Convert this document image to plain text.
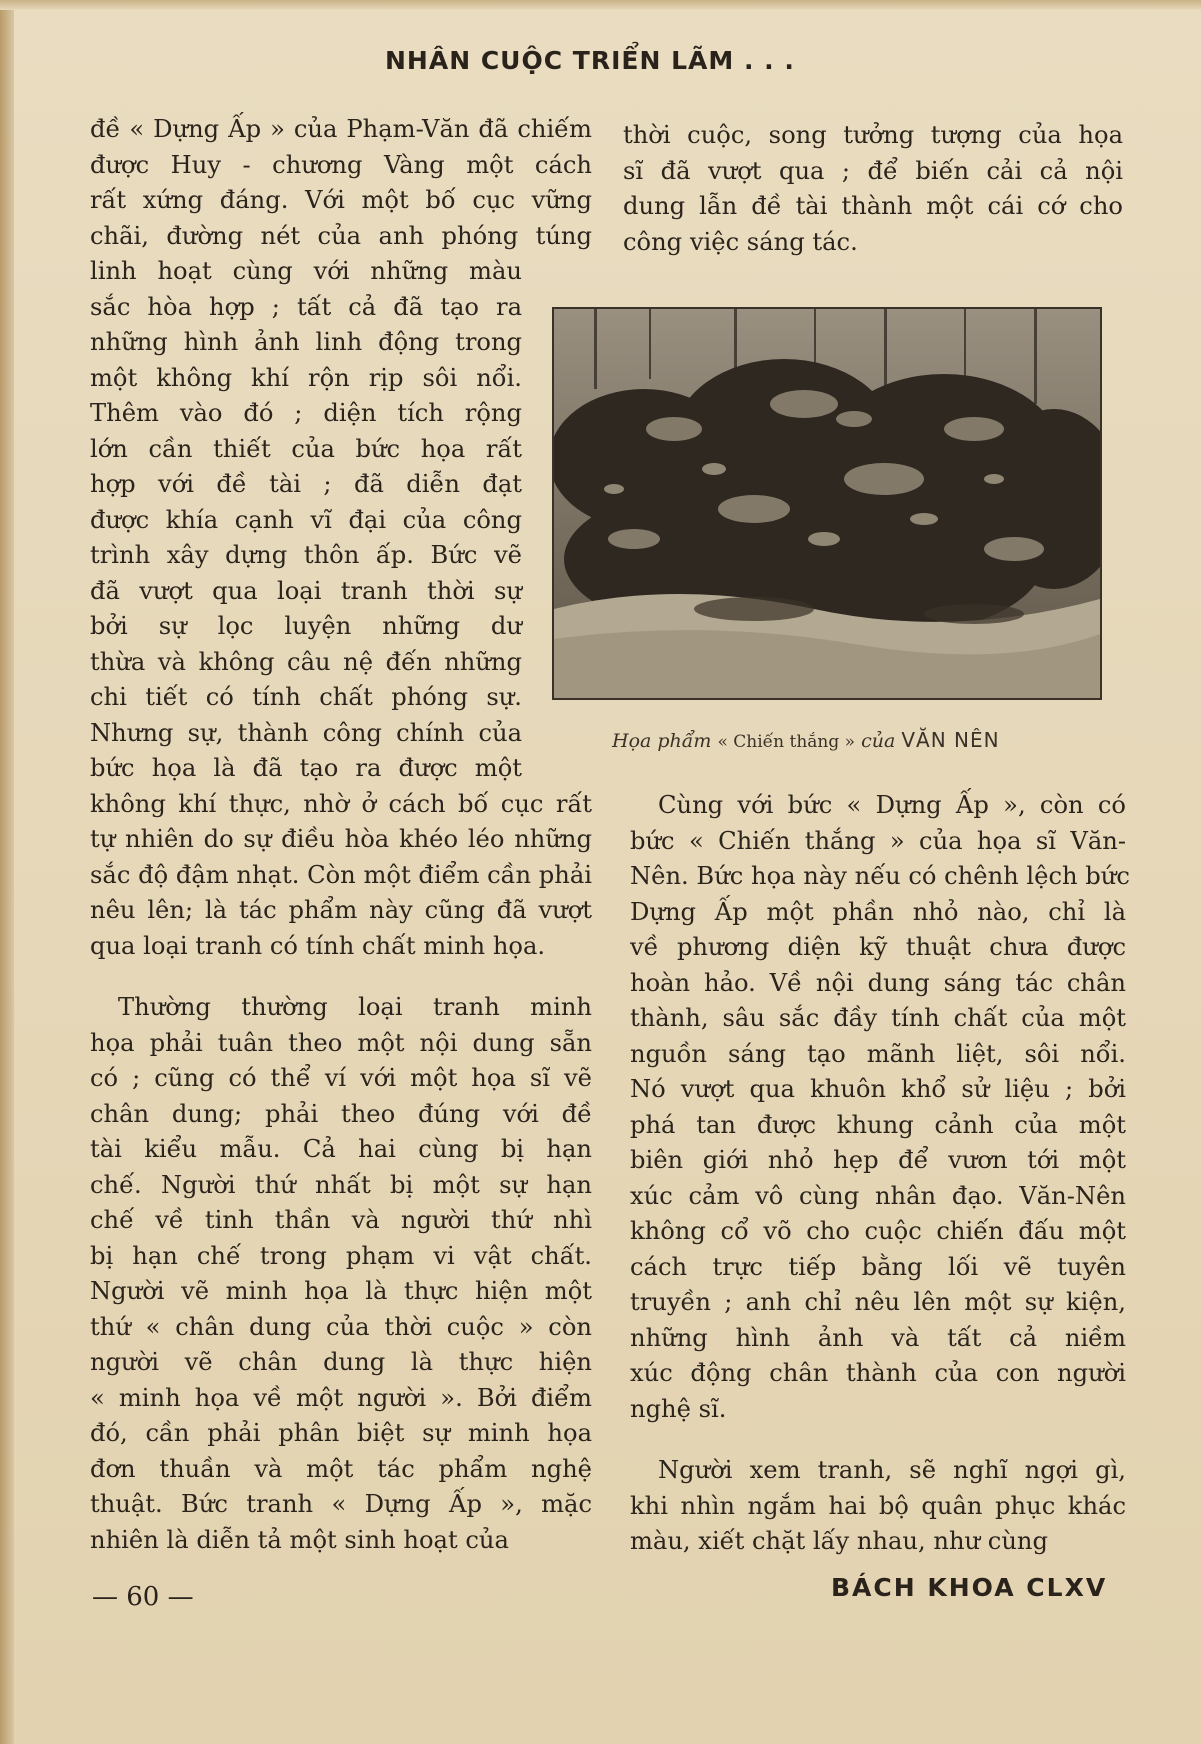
NHÂN CUỘC TRIỂN LÃM . . .

đề « Dựng Ấp » của Phạm-Văn đã chiếm
được Huy - chương Vàng một cách
rất xứng đáng. Với một bố cục vững
chãi, đường nét của anh phóng túng
linh hoạt cùng với những màu
sắc hòa hợp ; tất cả đã tạo ra
những hình ảnh linh động trong
một không khí rộn rịp sôi nổi.
Thêm vào đó ; diện tích rộng
lớn cần thiết của bức họa rất
hợp với đề tài ; đã diễn đạt
được khía cạnh vĩ đại của công
trình xây dựng thôn ấp. Bức vẽ
đã vượt qua loại tranh thời sự
bởi sự lọc luyện những dư
thừa và không câu nệ đến những
chi tiết có tính chất phóng sự.
Nhưng sự, thành công chính của
bức họa là đã tạo ra được một
không khí thực, nhờ ở cách bố cục rất
tự nhiên do sự điều hòa khéo léo những
sắc độ đậm nhạt. Còn một điểm cần phải
nêu lên; là tác phẩm này cũng đã vượt
qua loại tranh có tính chất minh họa.

Thường thường loại tranh minh
họa phải tuân theo một nội dung sẵn
có ; cũng có thể ví với một họa sĩ vẽ
chân dung; phải theo đúng với đề
tài kiểu mẫu. Cả hai cùng bị hạn
chế. Người thứ nhất bị một sự hạn
chế về tinh thần và người thứ nhì
bị hạn chế trong phạm vi vật chất.
Người vẽ minh họa là thực hiện một
thứ « chân dung của thời cuộc » còn
người vẽ chân dung là thực hiện
« minh họa về một người ». Bởi điểm
đó, cần phải phân biệt sự minh họa
đơn thuần và một tác phẩm nghệ
thuật. Bức tranh « Dựng Ấp », mặc
nhiên là diễn tả một sinh hoạt của

thời cuộc, song tưởng tượng của họa
sĩ đã vượt qua ; để biến cải cả nội
dung lẫn đề tài thành một cái cớ cho
công việc sáng tác.

Họa phẩm « Chiến thắng » của VĂN NÊN

Cùng với bức « Dựng Ấp », còn có
bức « Chiến thắng » của họa sĩ Văn-
Nên. Bức họa này nếu có chênh lệch bức
Dựng Ấp một phần nhỏ nào, chỉ là
về phương diện kỹ thuật chưa được
hoàn hảo. Về nội dung sáng tác chân
thành, sâu sắc đầy tính chất của một
nguồn sáng tạo mãnh liệt, sôi nổi.
Nó vượt qua khuôn khổ sử liệu ; bởi
phá tan được khung cảnh của một
biên giới nhỏ hẹp để vươn tới một
xúc cảm vô cùng nhân đạo. Văn-Nên
không cổ võ cho cuộc chiến đấu một
cách trực tiếp bằng lối vẽ tuyên
truyền ; anh chỉ nêu lên một sự kiện,
những hình ảnh và tất cả niềm
xúc động chân thành của con người
nghệ sĩ.

Người xem tranh, sẽ nghĩ ngợi gì,
khi nhìn ngắm hai bộ quân phục khác
màu, xiết chặt lấy nhau, như cùng

— 60 —	BÁCH KHOA CLXV
